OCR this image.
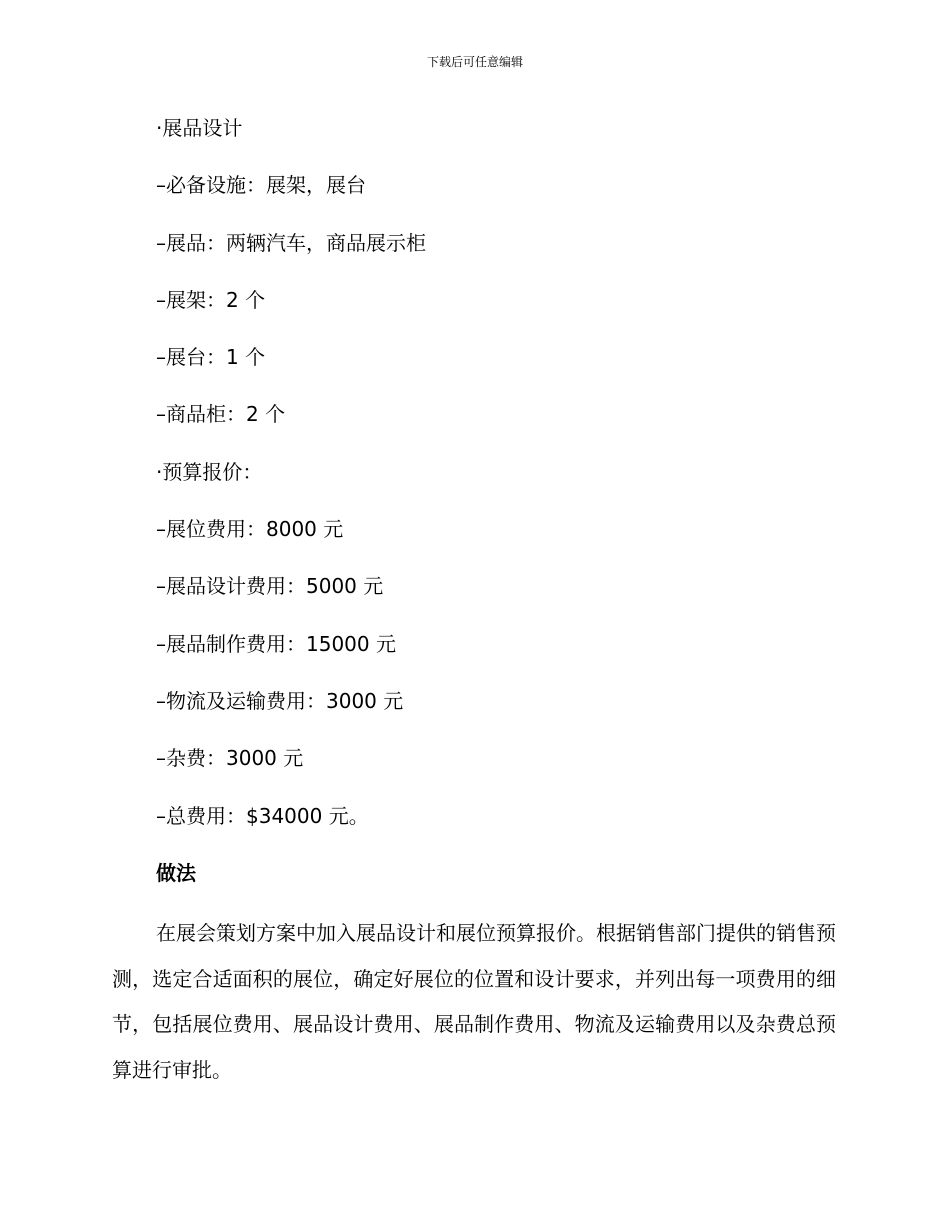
下载后可任意编辑
·展品设计
–必备设施：展架，展台
–展品：两辆汽车，商品展示柜
–展架：2 个
–展台：1 个
–商品柜：2 个
·预算报价：
–展位费用：8000 元
–展品设计费用：5000 元
–展品制作费用：15000 元
–物流及运输费用：3000 元
–杂费：3000 元
–总费用：$34000 元。
做法

在展会策划方案中加入展品设计和展位预算报价。根据销售部门提供的销售预测，选定合适面积的展位，确定好展位的位置和设计要求，并列出每一项费用的细节，包括展位费用、展品设计费用、展品制作费用、物流及运输费用以及杂费总预算进行审批。
